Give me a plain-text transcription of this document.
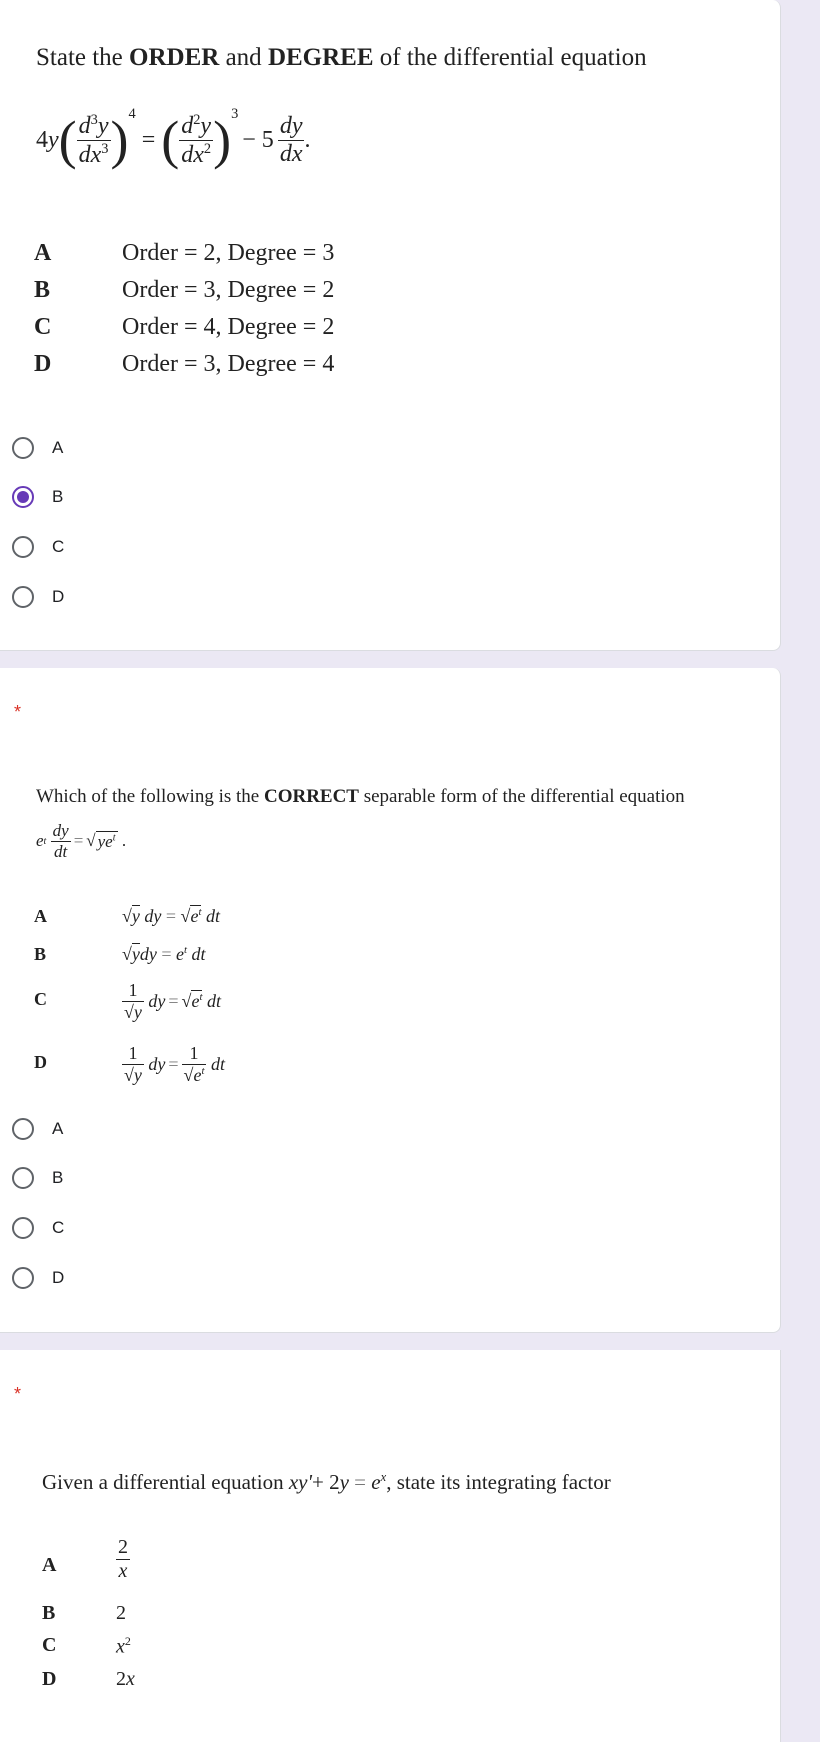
State the ORDER and DEGREE of the differential equation
4 y ( $\frac{d^3y}{dx^3} )^4$
= ( $\frac{d^2y}{dx^2} )^3$
− $5 \frac{dy}{dx}$ .
A	Order = 2, Degree = 3
B	Order = 3, Degree = 2
C	Order = 4, Degree = 2
D	Order = 3, Degree = 4
A
B
C
D
*
Which of the following is the CORRECT separable form of the differential equation
e t
$\frac{dy}{dt}$ = √ $ye^t$ .
A	√y dy = $√e^t$ dt
B	$√ydy = e^t$ dt
C	$\frac{1}{√y}$ dy = √ $e^t$ dt
D	$\frac{1}{√y}$ dy = $\frac{1}{√e^t}$ dt
A
B
C
D
*
Given a differential equation
$xy'+ 2y = e^x$ , state its integrating factor
A	$\frac{2}{x}$
B	2
C	$x^2$
D	2x
